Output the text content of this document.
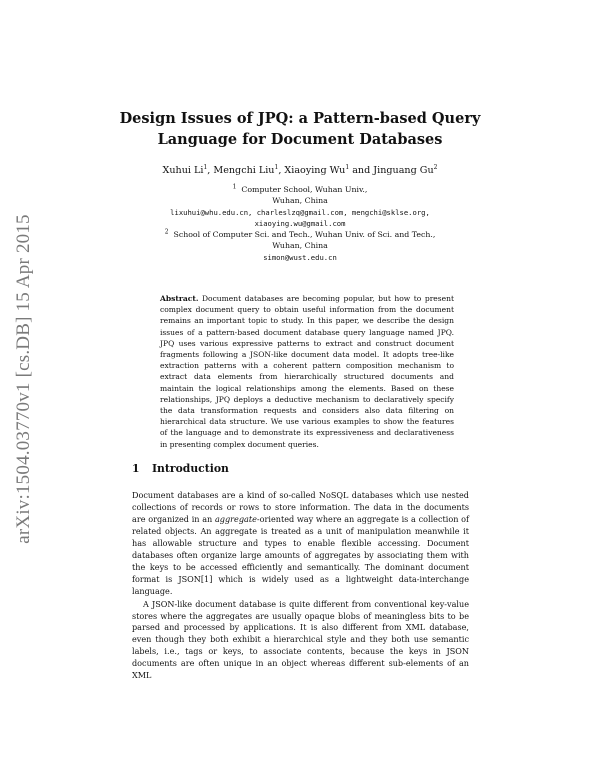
arXiv:1504.03770v1 [cs.DB] 15 Apr 2015
Design Issues of JPQ: a Pattern-based Query
Language for Document Databases
Xuhui Li$^1$, Mengchi Liu$^1$, Xiaoying Wu$^1$ and Jinguang Gu$^2$
$^1$ Computer School, Wuhan Univ.,
Wuhan, China
lixuhui@whu.edu.cn, charleslzq@gmail.com, mengchi@sklse.org,
xiaoying.wu@gmail.com
$^2$ School of Computer Sci. and Tech., Wuhan Univ. of Sci. and Tech.,
Wuhan, China
simon@wust.edu.cn
Abstract. Document databases are becoming popular, but how to present complex document query to obtain useful information from the document remains an important topic to study. In this paper, we describe the design issues of a pattern-based document database query language named JPQ. JPQ uses various expressive patterns to extract and construct document fragments following a JSON-like document data model. It adopts tree-like extraction patterns with a coherent pattern composition mechanism to extract data elements from hierarchically structured documents and maintain the logical relationships among the elements. Based on these relationships, JPQ deploys a deductive mechanism to declaratively specify the data transformation requests and considers also data filtering on hierarchical data structure. We use various examples to show the features of the language and to demonstrate its expressiveness and declarativeness in presenting complex document queries.
1 Introduction

Document databases are a kind of so-called NoSQL databases which use nested collections of records or rows to store information. The data in the documents are organized in an aggregate-oriented way where an aggregate is a collection of related objects. An aggregate is treated as a unit of manipulation meanwhile it has allowable structure and types to enable flexible accessing. Document databases often organize large amounts of aggregates by associating them with the keys to be accessed efficiently and semantically. The dominant document format is JSON[1] which is widely used as a lightweight data-interchange language.

A JSON-like document database is quite different from conventional key-value stores where the aggregates are usually opaque blobs of meaningless bits to be parsed and processed by applications. It is also different from XML database, even though they both exhibit a hierarchical style and they both use semantic labels, i.e., tags or keys, to associate contents, because the keys in JSON documents are often unique in an object whereas different sub-elements of an XML
